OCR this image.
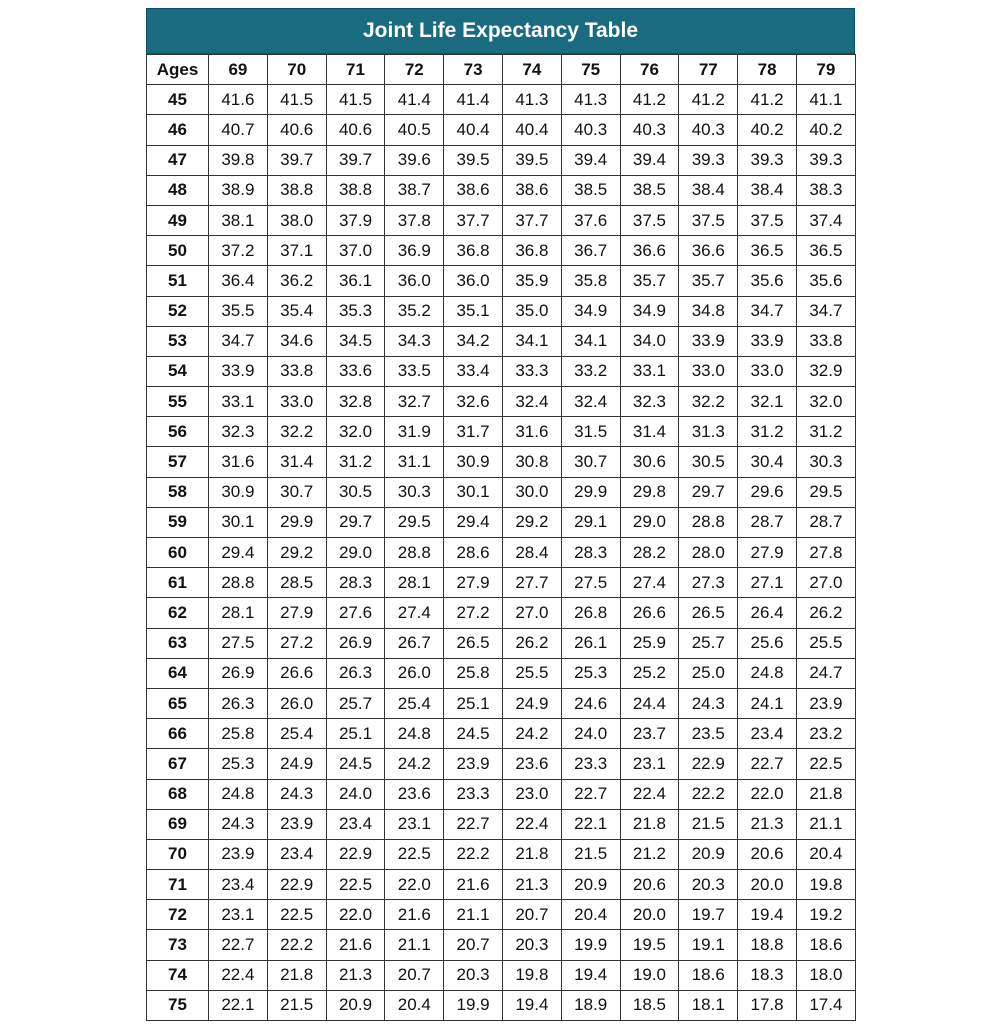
Joint Life Expectancy Table
Ages	69	70	71	72	73	74	75	76	77	78	79
45	41.6	41.5	41.5	41.4	41.4	41.3	41.3	41.2	41.2	41.2	41.1
46	40.7	40.6	40.6	40.5	40.4	40.4	40.3	40.3	40.3	40.2	40.2
47	39.8	39.7	39.7	39.6	39.5	39.5	39.4	39.4	39.3	39.3	39.3
48	38.9	38.8	38.8	38.7	38.6	38.6	38.5	38.5	38.4	38.4	38.3
49	38.1	38.0	37.9	37.8	37.7	37.7	37.6	37.5	37.5	37.5	37.4
50	37.2	37.1	37.0	36.9	36.8	36.8	36.7	36.6	36.6	36.5	36.5
51	36.4	36.2	36.1	36.0	36.0	35.9	35.8	35.7	35.7	35.6	35.6
52	35.5	35.4	35.3	35.2	35.1	35.0	34.9	34.9	34.8	34.7	34.7
53	34.7	34.6	34.5	34.3	34.2	34.1	34.1	34.0	33.9	33.9	33.8
54	33.9	33.8	33.6	33.5	33.4	33.3	33.2	33.1	33.0	33.0	32.9
55	33.1	33.0	32.8	32.7	32.6	32.4	32.4	32.3	32.2	32.1	32.0
56	32.3	32.2	32.0	31.9	31.7	31.6	31.5	31.4	31.3	31.2	31.2
57	31.6	31.4	31.2	31.1	30.9	30.8	30.7	30.6	30.5	30.4	30.3
58	30.9	30.7	30.5	30.3	30.1	30.0	29.9	29.8	29.7	29.6	29.5
59	30.1	29.9	29.7	29.5	29.4	29.2	29.1	29.0	28.8	28.7	28.7
60	29.4	29.2	29.0	28.8	28.6	28.4	28.3	28.2	28.0	27.9	27.8
61	28.8	28.5	28.3	28.1	27.9	27.7	27.5	27.4	27.3	27.1	27.0
62	28.1	27.9	27.6	27.4	27.2	27.0	26.8	26.6	26.5	26.4	26.2
63	27.5	27.2	26.9	26.7	26.5	26.2	26.1	25.9	25.7	25.6	25.5
64	26.9	26.6	26.3	26.0	25.8	25.5	25.3	25.2	25.0	24.8	24.7
65	26.3	26.0	25.7	25.4	25.1	24.9	24.6	24.4	24.3	24.1	23.9
66	25.8	25.4	25.1	24.8	24.5	24.2	24.0	23.7	23.5	23.4	23.2
67	25.3	24.9	24.5	24.2	23.9	23.6	23.3	23.1	22.9	22.7	22.5
68	24.8	24.3	24.0	23.6	23.3	23.0	22.7	22.4	22.2	22.0	21.8
69	24.3	23.9	23.4	23.1	22.7	22.4	22.1	21.8	21.5	21.3	21.1
70	23.9	23.4	22.9	22.5	22.2	21.8	21.5	21.2	20.9	20.6	20.4
71	23.4	22.9	22.5	22.0	21.6	21.3	20.9	20.6	20.3	20.0	19.8
72	23.1	22.5	22.0	21.6	21.1	20.7	20.4	20.0	19.7	19.4	19.2
73	22.7	22.2	21.6	21.1	20.7	20.3	19.9	19.5	19.1	18.8	18.6
74	22.4	21.8	21.3	20.7	20.3	19.8	19.4	19.0	18.6	18.3	18.0
75	22.1	21.5	20.9	20.4	19.9	19.4	18.9	18.5	18.1	17.8	17.4
